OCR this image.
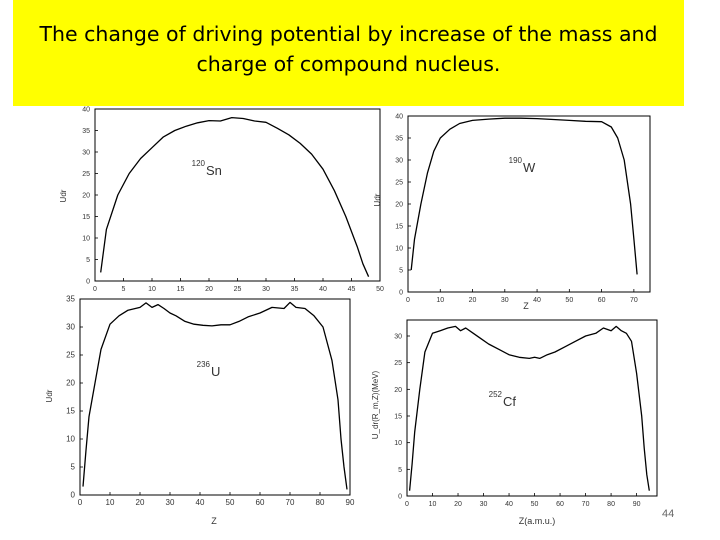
The change of driving potential by increase of the mass and charge of compound nucleus.
0
5
10
15
20
25
30
35
40
0	5	10	15	20	25	30	35	40	45	50
Udr
120 Sn
0
5
10
15
20
25
30
35
40
0	10	20	30	40	50	60	70
Udr
Z
190 W
0
5
10
15
20
25
30
35
0	10	20	30	40	50	60	70	80	90
Udr
Z
236 U
0
5
10
15
20
25
30
0	10	20	30	40	50	60	70	80	90
U_dr(R_m,Z)(MeV)
Z(a.m.u.)
252 Cf
44
